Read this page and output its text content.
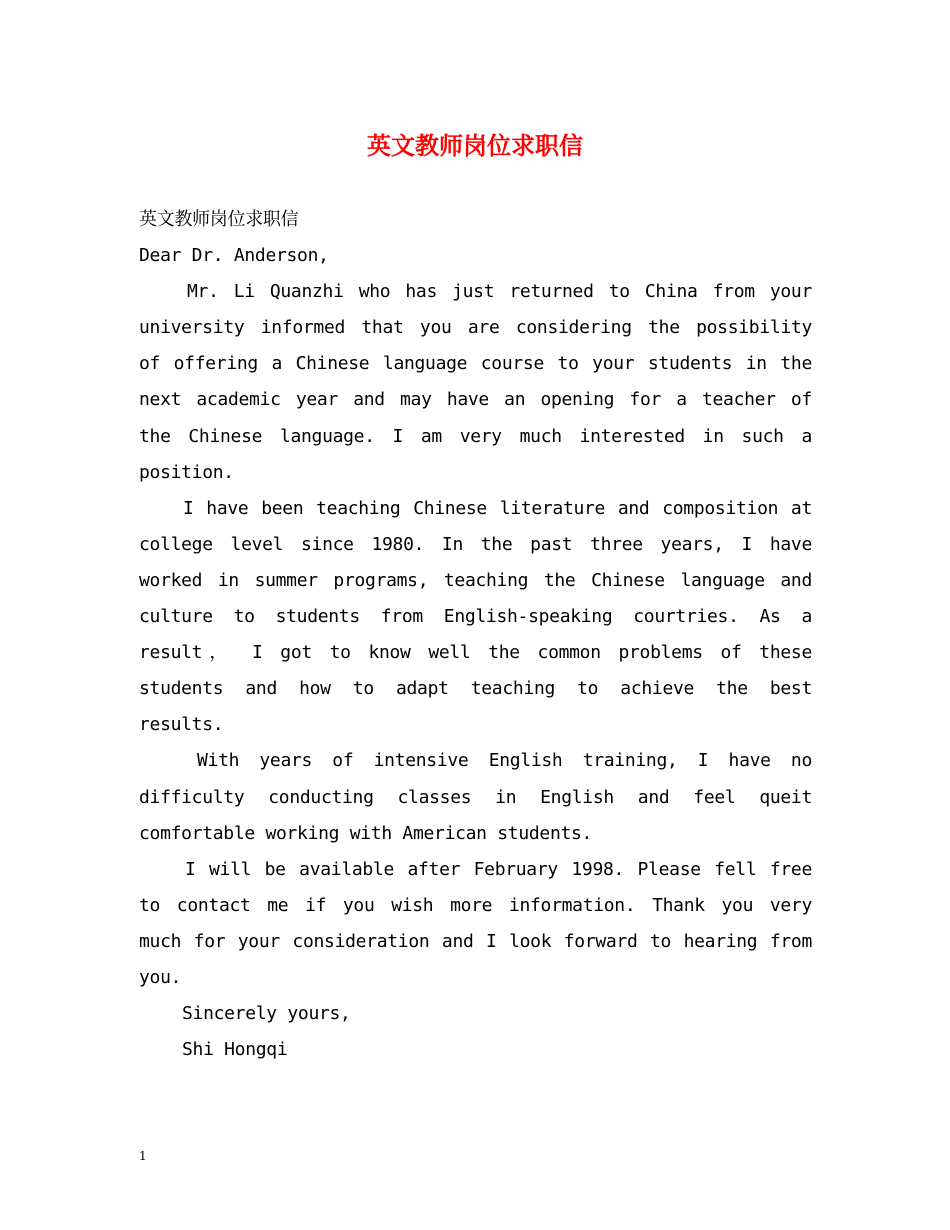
英文教师岗位求职信
英文教师岗位求职信
Dear Dr. Anderson,
Mr. Li Quanzhi who has just returned to China from your
university informed that you are considering the possibility
of offering a Chinese language course to your students in the
next academic year and may have an opening for a teacher of
the Chinese language. I am very much interested in such a
position.
I have been teaching Chinese literature and composition at
college level since 1980. In the past three years, I have
worked in summer programs, teaching the Chinese language and
culture to students from English-speaking courtries. As a
result， I got to know well the common problems of these
students and how to adapt teaching to achieve the best
results.
With years of intensive English training, I have no
difficulty conducting classes in English and feel queit
comfortable working with American students.
I will be available after February 1998. Please fell free
to contact me if you wish more information. Thank you very
much for your consideration and I look forward to hearing from
you.
Sincerely yours,
Shi Hongqi
1
